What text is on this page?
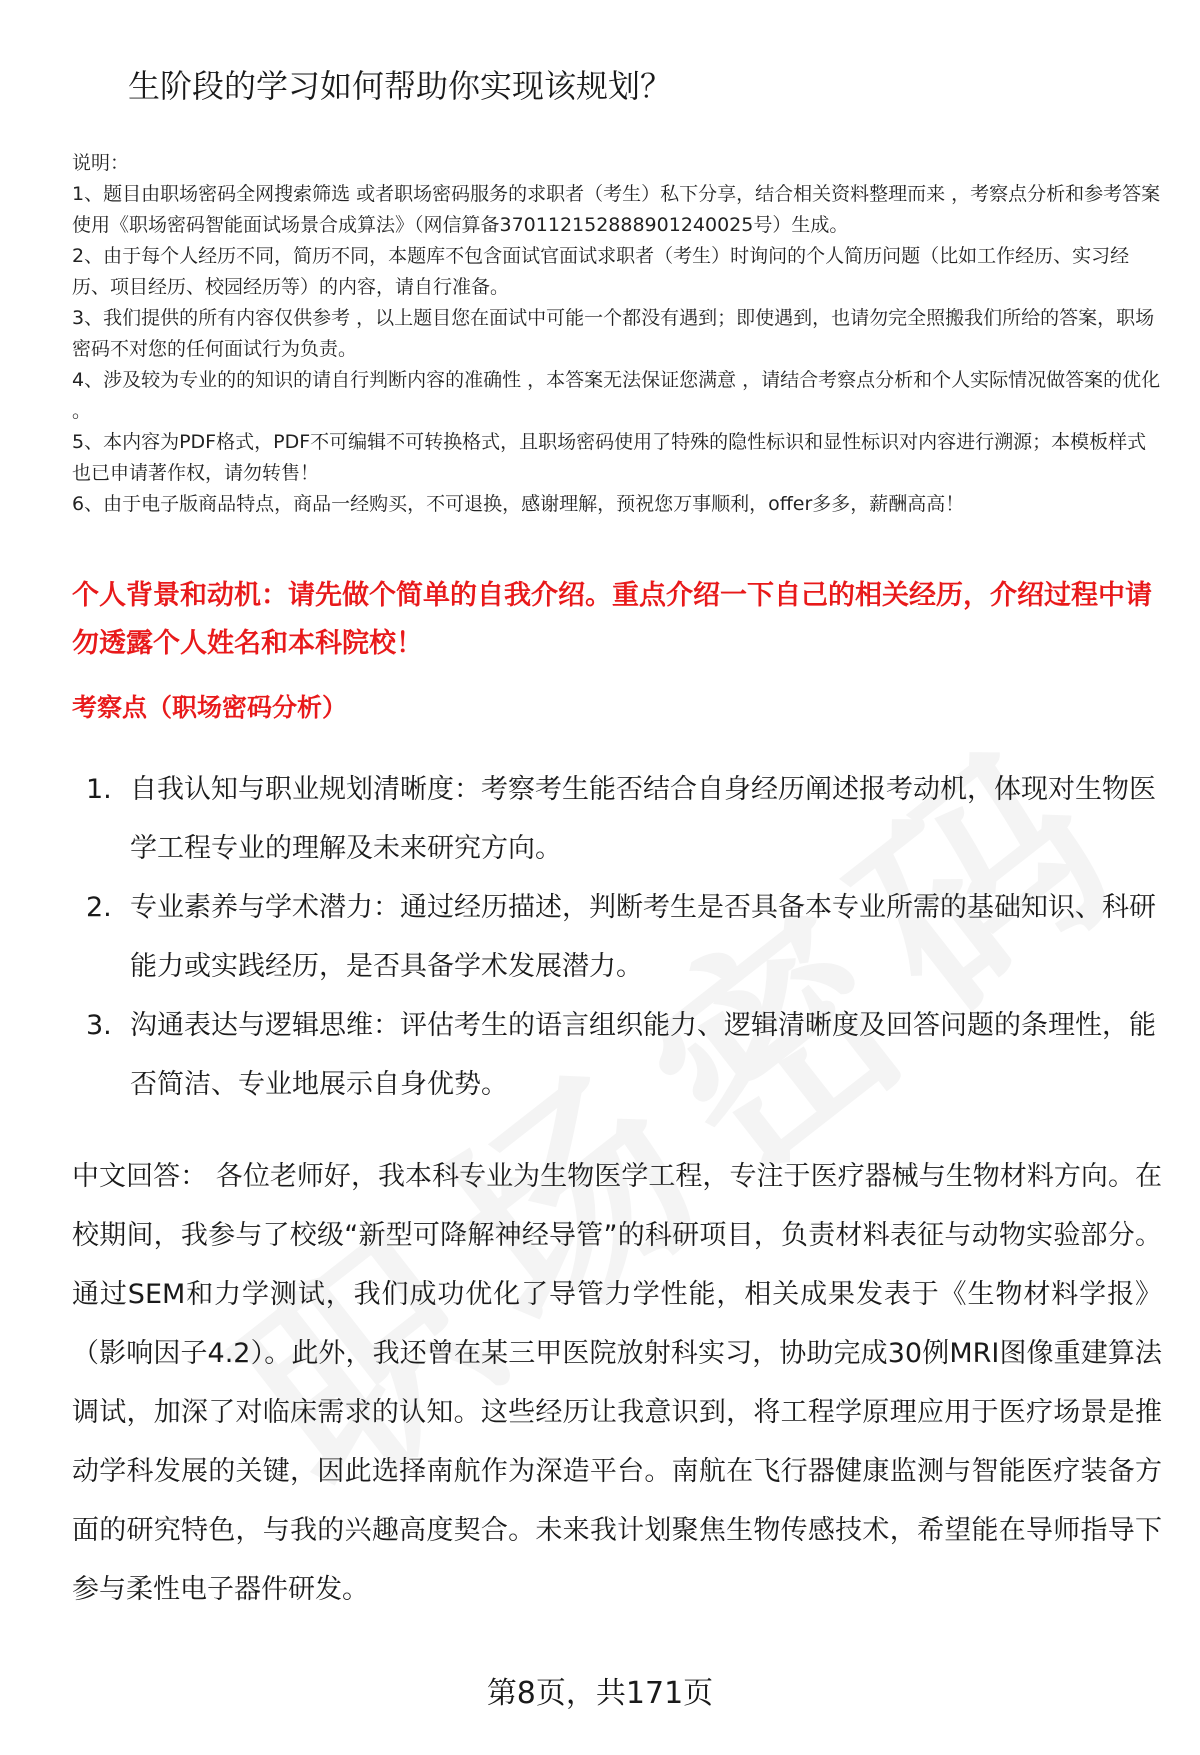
生阶段的学习如何帮助你实现该规划？
说明：
1、题目由职场密码全网搜索筛选 或者职场密码服务的求职者（考生）私下分享，结合相关资料整理而来 ，考察点分析和参考答案使用《职场密码智能面试场景合成算法》（网信算备370112152888901240025号）生成。
2、由于每个人经历不同，简历不同，本题库不包含面试官面试求职者（考生）时询问的个人简历问题（比如工作经历、实习经历、项目经历、校园经历等）的内容，请自行准备。
3、我们提供的所有内容仅供参考 ，以上题目您在面试中可能一个都没有遇到；即使遇到，也请勿完全照搬我们所给的答案，职场密码不对您的任何面试行为负责。
4、涉及较为专业的的知识的请自行判断内容的准确性 ，本答案无法保证您满意 ，请结合考察点分析和个人实际情况做答案的优化 。
5、本内容为PDF格式，PDF不可编辑不可转换格式，且职场密码使用了特殊的隐性标识和显性标识对内容进行溯源；本模板样式也已申请著作权，请勿转售！
6、由于电子版商品特点，商品一经购买，不可退换，感谢理解，预祝您万事顺利，offer多多，薪酬高高！
个人背景和动机：请先做个简单的自我介绍。重点介绍一下自己的相关经历，介绍过程中请勿透露个人姓名和本科院校！
考察点（职场密码分析）
1. 自我认知与职业规划清晰度：考察考生能否结合自身经历阐述报考动机，体现对生物医学工程专业的理解及未来研究方向。
2. 专业素养与学术潜力：通过经历描述，判断考生是否具备本专业所需的基础知识、科研能力或实践经历，是否具备学术发展潜力。
3. 沟通表达与逻辑思维：评估考生的语言组织能力、逻辑清晰度及回答问题的条理性，能否简洁、专业地展示自身优势。
中文回答： 各位老师好，我本科专业为生物医学工程，专注于医疗器械与生物材料方向。在校期间，我参与了校级“新型可降解神经导管”的科研项目，负责材料表征与动物实验部分。通过SEM和力学测试，我们成功优化了导管力学性能，相关成果发表于《生物材料学报》（影响因子4.2）。此外，我还曾在某三甲医院放射科实习，协助完成30例MRI图像重建算法调试，加深了对临床需求的认知。这些经历让我意识到，将工程学原理应用于医疗场景是推动学科发展的关键，因此选择南航作为深造平台。南航在飞行器健康监测与智能医疗装备方面的研究特色，与我的兴趣高度契合。未来我计划聚焦生物传感技术，希望能在导师指导下参与柔性电子器件研发。
第8页，共171页
